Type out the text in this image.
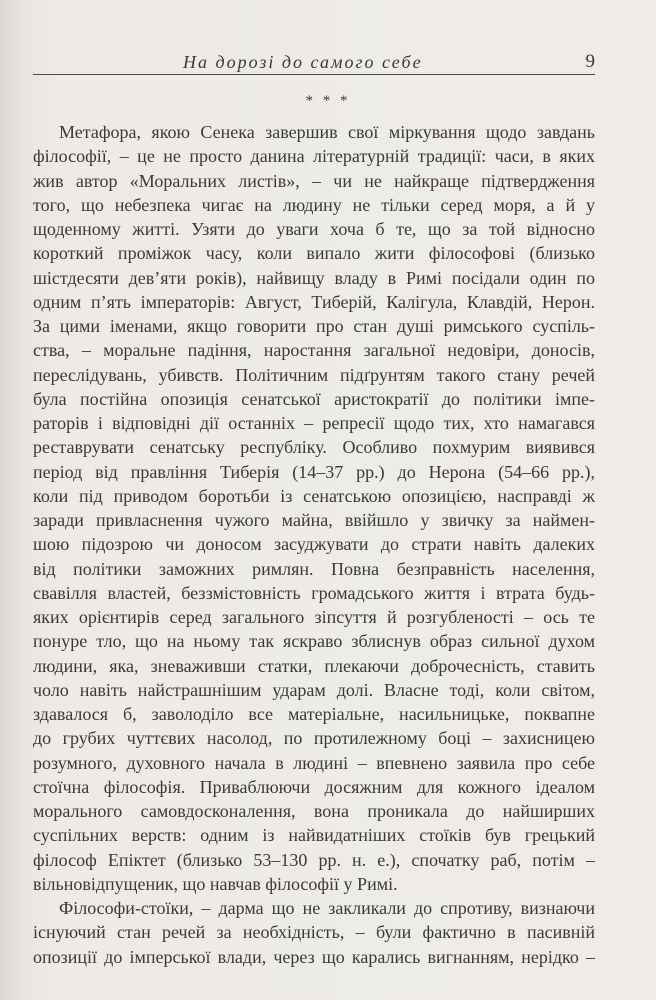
На дорозі до самого себе	9
* * *
Метафора, якою Сенека завершив свої міркування щодо завдань
філософії, – це не просто данина літературній традиції: часи, в яких
жив автор «Моральних листів», – чи не найкраще підтвердження
того, що небезпека чигає на людину не тільки серед моря, а й у
щоденному житті. Узяти до уваги хоча б те, що за той відносно
короткий проміжок часу, коли випало жити філософові (близько
шістдесяти дев’яти років), найвищу владу в Римі посідали один по
одним п’ять імператорів: Август, Тиберій, Калігула, Клавдій, Нерон.
За цими іменами, якщо говорити про стан душі римського суспіль-
ства, – моральне падіння, наростання загальної недовіри, доносів,
переслідувань, убивств. Політичним підґрунтям такого стану речей
була постійна опозиція сенатської аристократії до політики імпе-
раторів і відповідні дії останніх – репресії щодо тих, хто намагався
реставрувати сенатську республіку. Особливо похмурим виявився
період від правління Тиберія (14–37 рр.) до Нерона (54–66 рр.),
коли під приводом боротьби із сенатською опозицією, насправді ж
заради привласнення чужого майна, ввійшло у звичку за наймен-
шою підозрою чи доносом засуджувати до страти навіть далеких
від політики заможних римлян. Повна безправність населення,
свавілля властей, беззмістовність громадського життя і втрата будь-
яких орієнтирів серед загального зіпсуття й розгубленості – ось те
понуре тло, що на ньому так яскраво зблиснув образ сильної духом
людини, яка, зневаживши статки, плекаючи доброчесність, ставить
чоло навіть найстрашнішим ударам долі. Власне тоді, коли світом,
здавалося б, заволоділо все матеріальне, насильницьке, поквапне
до грубих чуттєвих насолод, по протилежному боці – захисницею
розумного, духовного начала в людині – впевнено заявила про себе
стоїчна філософія. Приваблюючи досяжним для кожного ідеалом
морального самовдосконалення, вона проникала до найширших
суспільних верств: одним із найвидатніших стоїків був грецький
філософ Епіктет (близько 53–130 рр. н. е.), спочатку раб, потім –
вільновідпущеник, що навчав філософії у Римі.
Філософи-стоїки, – дарма що не закликали до спротиву, визнаючи
існуючий стан речей за необхідність, – були фактично в пасивній
опозиції до імперської влади, через що карались вигнанням, нерідко –
